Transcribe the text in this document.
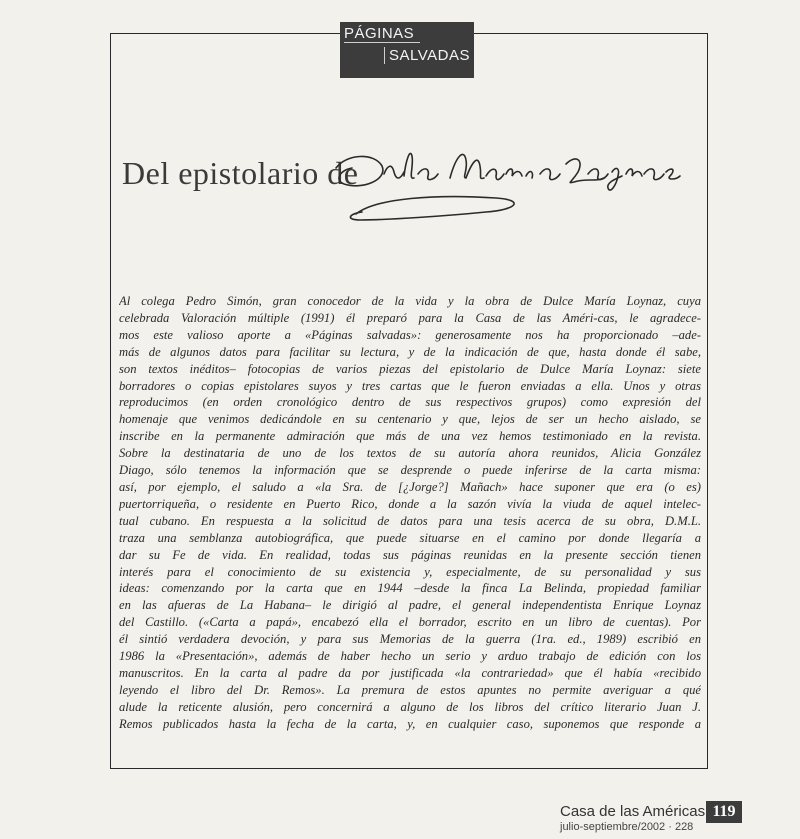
PÁGINAS
SALVADAS
Del epistolario de

Al colega Pedro Simón, gran conocedor de la vida y la obra de Dulce María Loynaz, cuya
celebrada Valoración múltiple (1991) él preparó para la Casa de las Améri-cas, le agradece-
mos este valioso aporte a «Páginas salvadas»: generosamente nos ha proporcionado –ade-
más de algunos datos para facilitar su lectura, y de la indicación de que, hasta donde él sabe,
son textos inéditos– fotocopias de varios piezas del epistolario de Dulce María Loynaz: siete
borradores o copias epistolares suyos y tres cartas que le fueron enviadas a ella. Unos y otras
reproducimos (en orden cronológico dentro de sus respectivos grupos) como expresión del
homenaje que venimos dedicándole en su centenario y que, lejos de ser un hecho aislado, se
inscribe en la permanente admiración que más de una vez hemos testimoniado en la revista.
Sobre la destinataria de uno de los textos de su autoría ahora reunidos, Alicia González
Diago, sólo tenemos la información que se desprende o puede inferirse de la carta misma:
así, por ejemplo, el saludo a «la Sra. de [¿Jorge?] Mañach» hace suponer que era (o es)
puertorriqueña, o residente en Puerto Rico, donde a la sazón vivía la viuda de aquel intelec-
tual cubano. En respuesta a la solicitud de datos para una tesis acerca de su obra, D.M.L.
traza una semblanza autobiográfica, que puede situarse en el camino por donde llegaría a
dar su Fe de vida. En realidad, todas sus páginas reunidas en la presente sección tienen
interés para el conocimiento de su existencia y, especialmente, de su personalidad y sus
ideas: comenzando por la carta que en 1944 –desde la finca La Belinda, propiedad familiar
en las afueras de La Habana– le dirigió al padre, el general independentista Enrique Loynaz
del Castillo. («Carta a papá», encabezó ella el borrador, escrito en un libro de cuentas). Por
él sintió verdadera devoción, y para sus Memorias de la guerra (1ra. ed., 1989) escribió en
1986 la «Presentación», además de haber hecho un serio y arduo trabajo de edición con los
manuscritos. En la carta al padre da por justificada «la contrariedad» que él había «recibido
leyendo el libro del Dr. Remos». La premura de estos apuntes no permite averiguar a qué
alude la reticente alusión, pero concernirá a alguno de los libros del crítico literario Juan J.
Remos publicados hasta la fecha de la carta, y, en cualquier caso, suponemos que responde a

Casa de las Américas
julio-septiembre/2002 · 228
119
